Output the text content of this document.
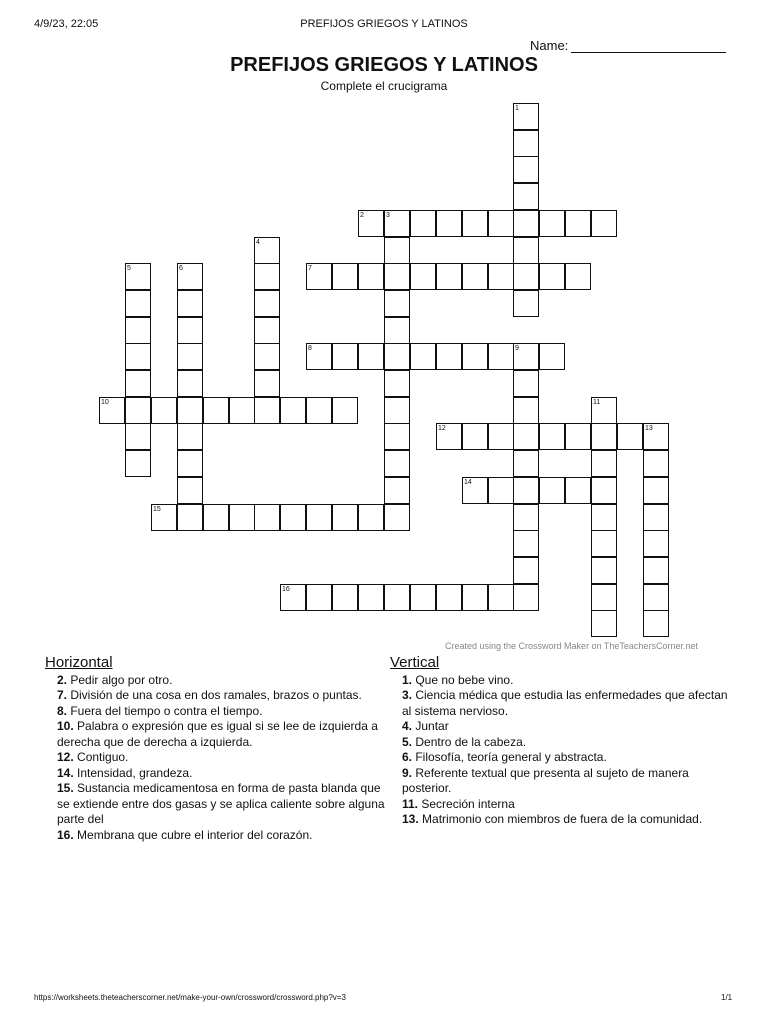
4/9/23, 22:05	PREFIJOS GRIEGOS Y LATINOS
Name:
PREFIJOS GRIEGOS Y LATINOS
Complete el crucigrama
2	3
7
8	9
10
12	13
14
15
16
1
4
5	6
11
Created using the Crossword Maker on TheTeachersCorner.net
Horizontal
2. Pedir algo por otro.
7. División de una cosa en dos ramales, brazos o puntas.
8. Fuera del tiempo o contra el tiempo.
10. Palabra o expresión que es igual si se lee de izquierda a derecha que de derecha a izquierda.
12. Contiguo.
14. Intensidad, grandeza.
15. Sustancia medicamentosa en forma de pasta blanda que se extiende entre dos gasas y se aplica caliente sobre alguna parte del
16. Membrana que cubre el interior del corazón.
Vertical
1. Que no bebe vino.
3. Ciencia médica que estudia las enfermedades que afectan al sistema nervioso.
4. Juntar
5. Dentro de la cabeza.
6. Filosofía, teoría general y abstracta.
9. Referente textual que presenta al sujeto de manera posterior.
11. Secreción interna
13. Matrimonio con miembros de fuera de la comunidad.
https://worksheets.theteacherscorner.net/make-your-own/crossword/crossword.php?v=3	1/1
